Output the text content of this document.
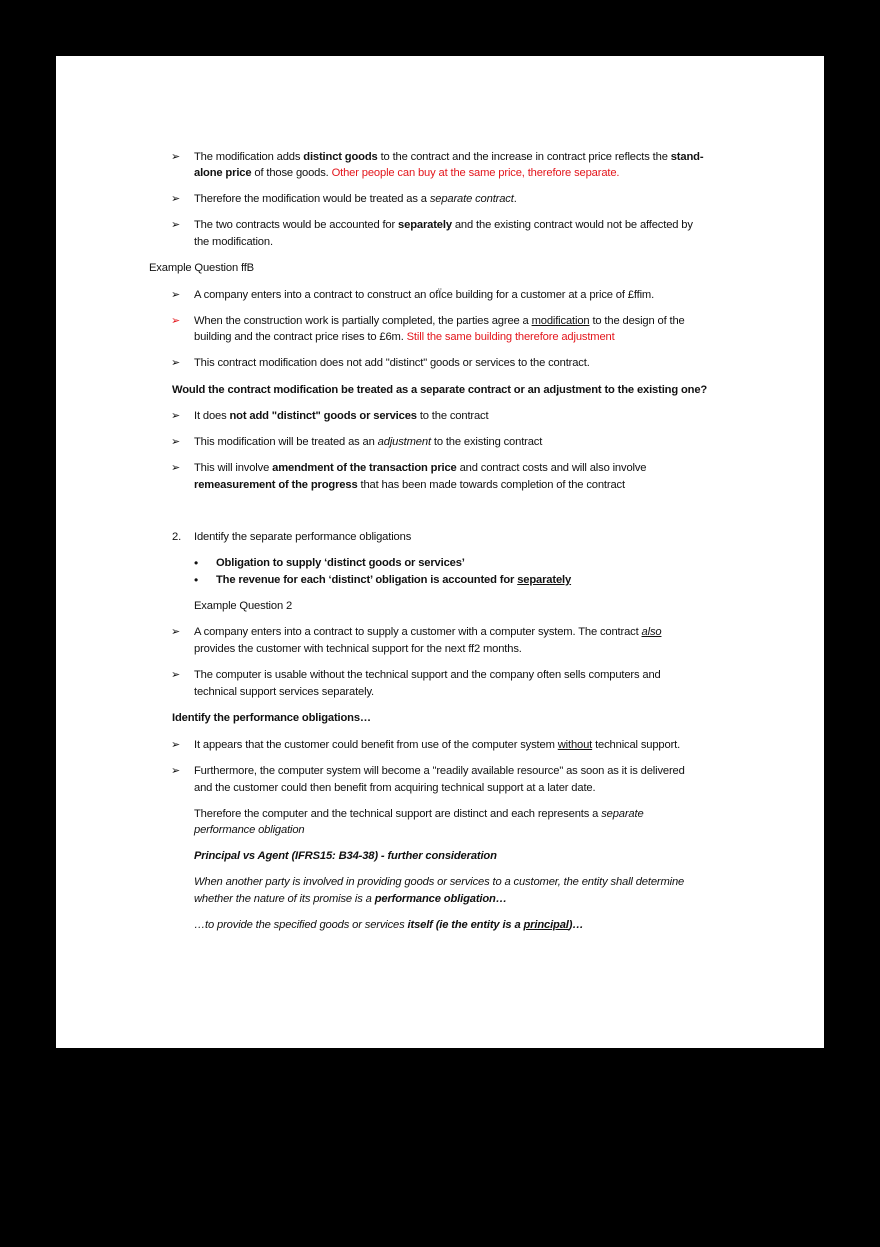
➢ The modification adds distinct goods to the contract and the increase in contract price reflects the stand-
alone price of those goods. Other people can buy at the same price, therefore separate.
➢ Therefore the modification would be treated as a separate contract.
➢ The two contracts would be accounted for separately and the existing contract would not be affected by
the modification.
Example Question ffB
➢ A company enters into a contract to construct an ofÏce building for a customer at a price of £ffim.
➢ When the construction work is partially completed, the parties agree a modification to the design of the
building and the contract price rises to £6m. Still the same building therefore adjustment
➢ This contract modification does not add "distinct" goods or services to the contract.
Would the contract modification be treated as a separate contract or an adjustment to the existing one?
➢ It does not add "distinct" goods or services to the contract
➢ This modification will be treated as an adjustment to the existing contract
➢ This will involve amendment of the transaction price and contract costs and will also involve
remeasurement of the progress that has been made towards completion of the contract
2. Identify the separate performance obligations
• Obligation to supply ‘distinct goods or services’
• The revenue for each ‘distinct’ obligation is accounted for separately
Example Question 2
➢ A company enters into a contract to supply a customer with a computer system. The contract also
provides the customer with technical support for the next ff2 months.
➢ The computer is usable without the technical support and the company often sells computers and
technical support services separately.
Identify the performance obligations…
➢ It appears that the customer could benefit from use of the computer system without technical support.
➢ Furthermore, the computer system will become a "readily available resource" as soon as it is delivered
and the customer could then benefit from acquiring technical support at a later date.
Therefore the computer and the technical support are distinct and each represents a separate
performance obligation
Principal vs Agent (IFRS15: B34-38) - further consideration
When another party is involved in providing goods or services to a customer, the entity shall determine
whether the nature of its promise is a performance obligation…
…to provide the specified goods or services itself (ie the entity is a principal)…
